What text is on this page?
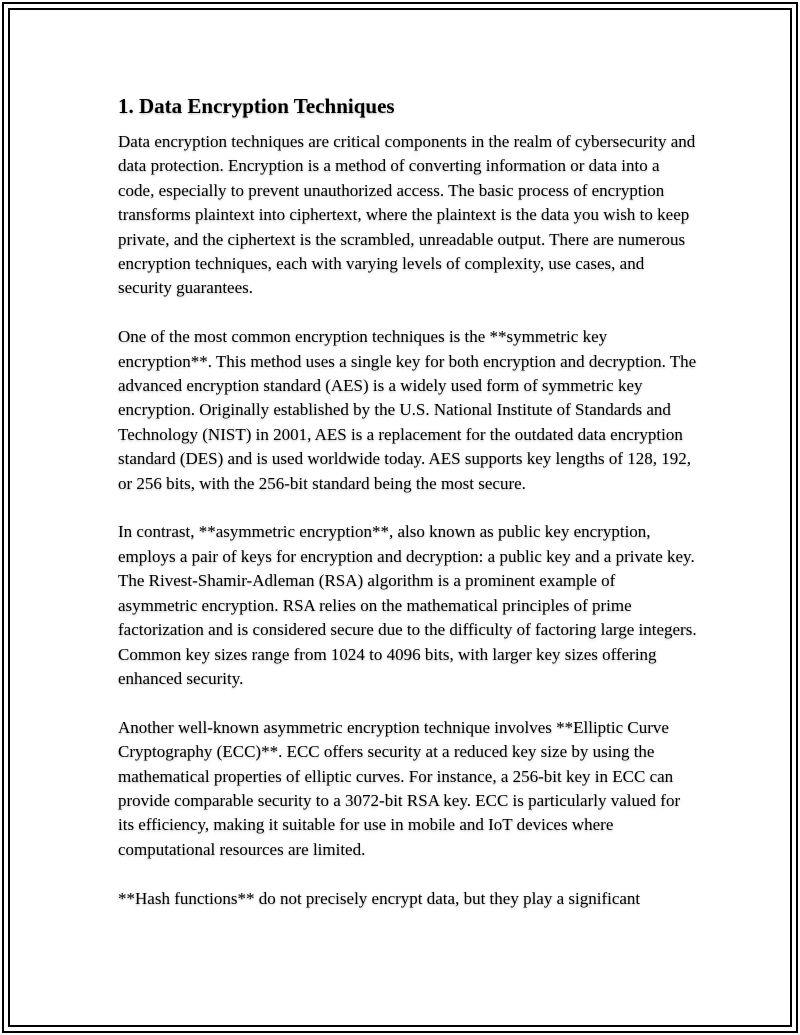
1. Data Encryption Techniques

Data encryption techniques are critical components in the realm of cybersecurity and data protection. Encryption is a method of converting information or data into a code, especially to prevent unauthorized access. The basic process of encryption transforms plaintext into ciphertext, where the plaintext is the data you wish to keep private, and the ciphertext is the scrambled, unreadable output. There are numerous encryption techniques, each with varying levels of complexity, use cases, and security guarantees.

One of the most common encryption techniques is the **symmetric key encryption**. This method uses a single key for both encryption and decryption. The advanced encryption standard (AES) is a widely used form of symmetric key encryption. Originally established by the U.S. National Institute of Standards and Technology (NIST) in 2001, AES is a replacement for the outdated data encryption standard (DES) and is used worldwide today. AES supports key lengths of 128, 192, or 256 bits, with the 256-bit standard being the most secure.

In contrast, **asymmetric encryption**, also known as public key encryption, employs a pair of keys for encryption and decryption: a public key and a private key. The Rivest-Shamir-Adleman (RSA) algorithm is a prominent example of asymmetric encryption. RSA relies on the mathematical principles of prime factorization and is considered secure due to the difficulty of factoring large integers. Common key sizes range from 1024 to 4096 bits, with larger key sizes offering enhanced security.

Another well-known asymmetric encryption technique involves **Elliptic Curve Cryptography (ECC)**. ECC offers security at a reduced key size by using the mathematical properties of elliptic curves. For instance, a 256-bit key in ECC can provide comparable security to a 3072-bit RSA key. ECC is particularly valued for its efficiency, making it suitable for use in mobile and IoT devices where computational resources are limited.

**Hash functions** do not precisely encrypt data, but they play a significant
